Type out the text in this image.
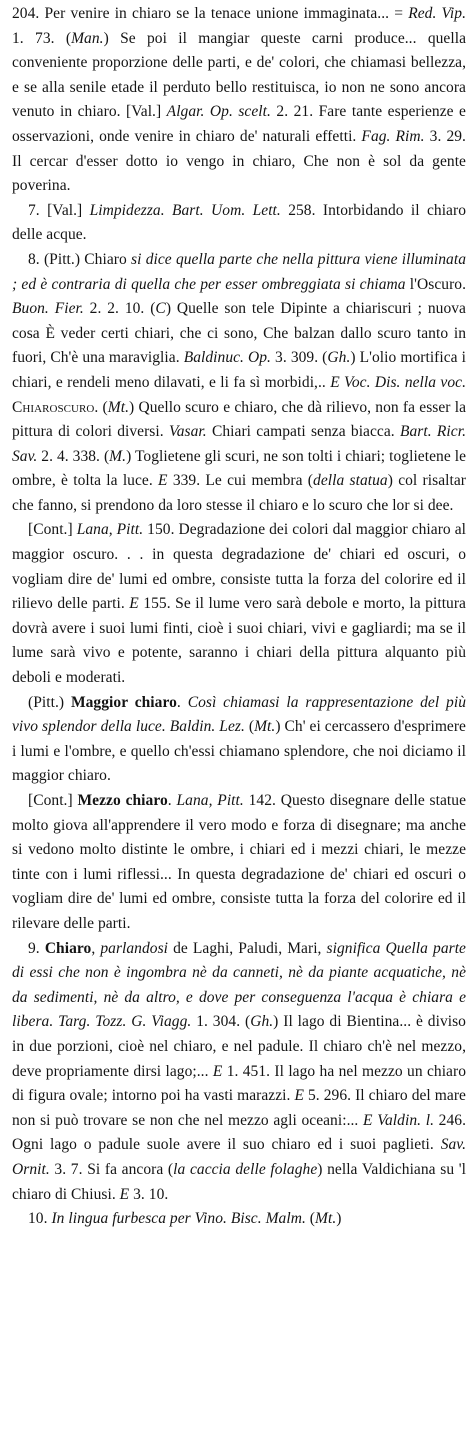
204. Per venire in chiaro se la tenace unione immaginata... = Red. Vip. 1. 73. (Man.) Se poi il mangiar queste carni produce... quella conveniente proporzione delle parti, e de' colori, che chiamasi bellezza, e se alla senile etade il perduto bello restituisca, io non ne sono ancora venuto in chiaro. [Val.] Algar. Op. scelt. 2. 21. Fare tante esperienze e osservazioni, onde venire in chiaro de' naturali effetti. Fag. Rim. 3. 29. Il cercar d'esser dotto io vengo in chiaro, Che non è sol da gente poverina.

7. [Val.] Limpidezza. Bart. Uom. Lett. 258. Intorbidando il chiaro delle acque.

8. (Pitt.) Chiaro si dice quella parte che nella pittura viene illuminata ; ed è contraria di quella che per esser ombreggiata si chiama l'Oscuro. Buon. Fier. 2. 2. 10. (C) Quelle son tele Dipinte a chiariscuri ; nuova cosa È veder certi chiari, che ci sono, Che balzan dallo scuro tanto in fuori, Ch'è una maraviglia. Baldinuc. Op. 3. 309. (Gh.) L'olio mortifica i chiari, e rendeli meno dilavati, e li fa sì morbidi,.. E Voc. Dis. nella voc. Chiaroscuro. (Mt.) Quello scuro e chiaro, che dà rilievo, non fa esser la pittura di colori diversi. Vasar. Chiari campati senza biacca. Bart. Ricr. Sav. 2. 4. 338. (M.) Toglietene gli scuri, ne son tolti i chiari; toglietene le ombre, è tolta la luce. E 339. Le cui membra (della statua) col risaltar che fanno, si prendono da loro stesse il chiaro e lo scuro che lor si dee.

[Cont.] Lana, Pitt. 150. Degradazione dei colori dal maggior chiaro al maggior oscuro. . . in questa degradazione de' chiari ed oscuri, o vogliam dire de' lumi ed ombre, consiste tutta la forza del colorire ed il rilievo delle parti. E 155. Se il lume vero sarà debole e morto, la pittura dovrà avere i suoi lumi finti, cioè i suoi chiari, vivi e gagliardi; ma se il lume sarà vivo e potente, saranno i chiari della pittura alquanto più deboli e moderati.

(Pitt.) Maggior chiaro. Così chiamasi la rappresentazione del più vivo splendor della luce. Baldin. Lez. (Mt.) Ch' ei cercassero d'esprimere i lumi e l'ombre, e quello ch'essi chiamano splendore, che noi diciamo il maggior chiaro.

[Cont.] Mezzo chiaro. Lana, Pitt. 142. Questo disegnare delle statue molto giova all'apprendere il vero modo e forza di disegnare; ma anche si vedono molto distinte le ombre, i chiari ed i mezzi chiari, le mezze tinte con i lumi riflessi... In questa degradazione de' chiari ed oscuri o vogliam dire de' lumi ed ombre, consiste tutta la forza del colorire ed il rilevare delle parti.

9. Chiaro, parlandosi de Laghi, Paludi, Mari, significa Quella parte di essi che non è ingombra nè da canneti, nè da piante acquatiche, nè da sedimenti, nè da altro, e dove per conseguenza l'acqua è chiara e libera. Targ. Tozz. G. Viagg. 1. 304. (Gh.) Il lago di Bientina... è diviso in due porzioni, cioè nel chiaro, e nel padule. Il chiaro ch'è nel mezzo, deve propriamente dirsi lago;... E 1. 451. Il lago ha nel mezzo un chiaro di figura ovale; intorno poi ha vasti marazzi. E 5. 296. Il chiaro del mare non si può trovare se non che nel mezzo agli oceani:... E Valdin. l. 246. Ogni lago o padule suole avere il suo chiaro ed i suoi paglieti. Sav. Ornit. 3. 7. Si fa ancora (la caccia delle folaghe) nella Valdichiana su 'l chiaro di Chiusi. E 3. 10.

10. In lingua furbesca per Vino. Bisc. Malm. (Mt.)
